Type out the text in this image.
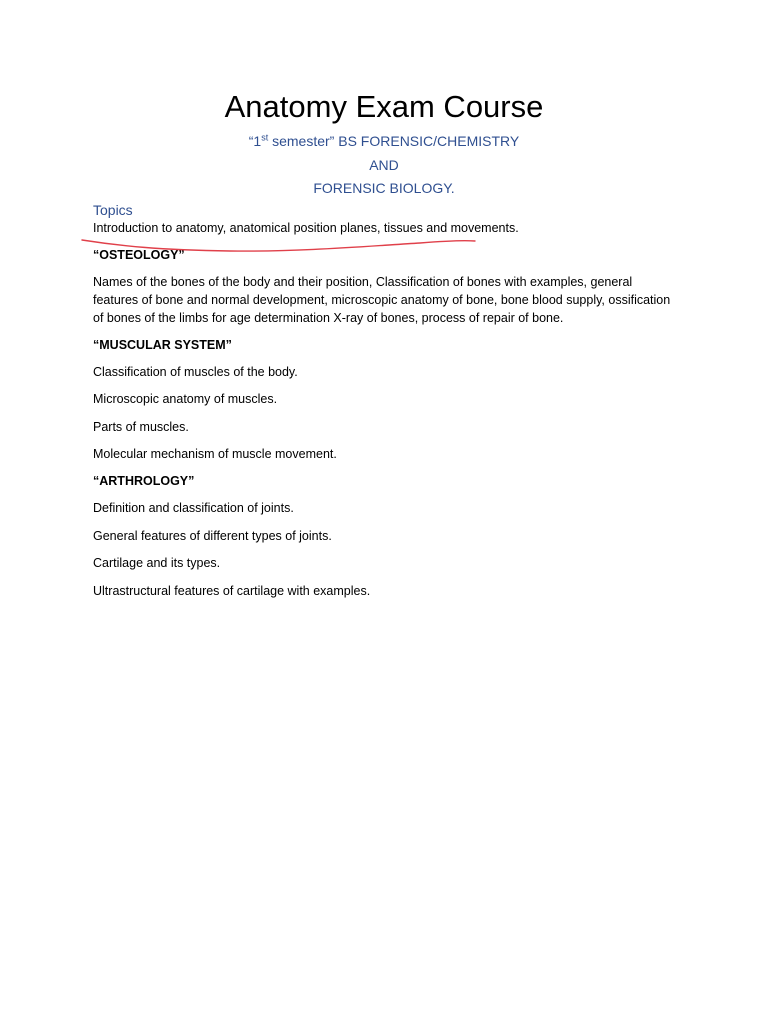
Anatomy Exam Course
“1st semester” BS FORENSIC/CHEMISTRY
AND
FORENSIC BIOLOGY.
Topics
Introduction to anatomy, anatomical position planes, tissues and movements.
“OSTEOLOGY”
Names of the bones of the body and their position, Classification of bones with examples, general features of bone and normal development, microscopic anatomy of bone, bone blood supply, ossification of bones of the limbs for age determination X-ray of bones, process of repair of bone.
“MUSCULAR SYSTEM”
Classification of muscles of the body.
Microscopic anatomy of muscles.
Parts of muscles.
Molecular mechanism of muscle movement.
“ARTHROLOGY”
Definition and classification of joints.
General features of different types of joints.
Cartilage and its types.
Ultrastructural features of cartilage with examples.
